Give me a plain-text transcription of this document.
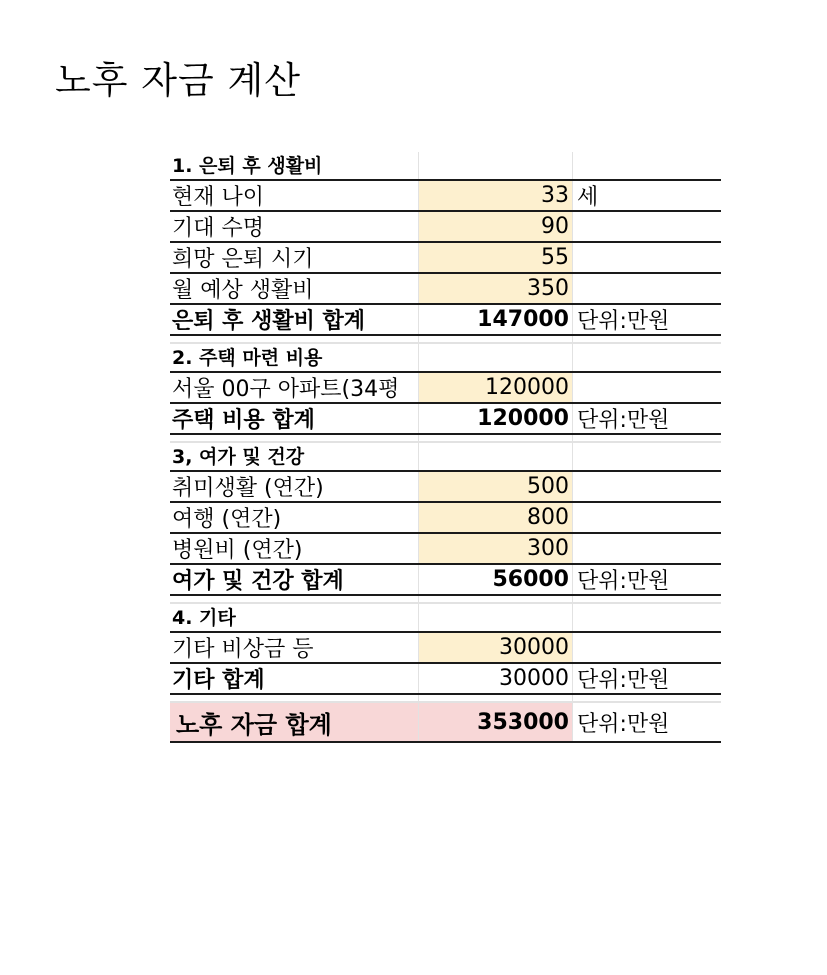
노후 자금 계산
1. 은퇴 후 생활비
현재 나이	33 세
기대 수명	90
희망 은퇴 시기	55
월 예상 생활비	350
은퇴 후 생활비 합계	147000 단위:만원
2. 주택 마련 비용
서울 00구 아파트(34평	120000
주택 비용 합계	120000 단위:만원
3, 여가 및 건강
취미생활 (연간)	500
여행 (연간)	800
병원비 (연간)	300
여가 및 건강 합계	56000 단위:만원
4. 기타
기타 비상금 등	30000
기타 합계	30000 단위:만원
노후 자금 합계	353000 단위:만원
